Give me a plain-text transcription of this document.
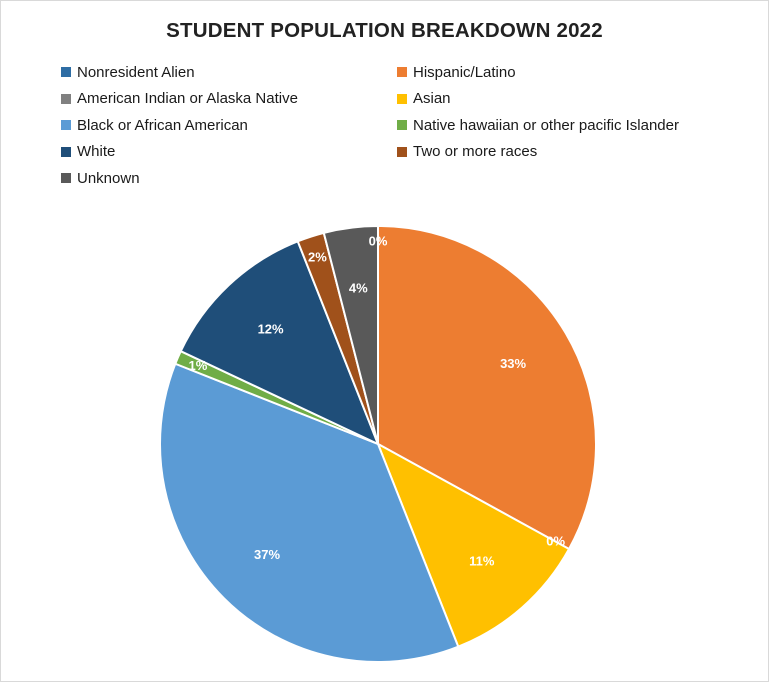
STUDENT POPULATION BREAKDOWN 2022
Nonresident Alien	Hispanic/Latino
American Indian or Alaska Native	Asian
Black or African American	Native hawaiian or other pacific Islander
White	Two or more races
Unknown
0%
33%
0%
11%
37%
1%
12%
2%
4%
